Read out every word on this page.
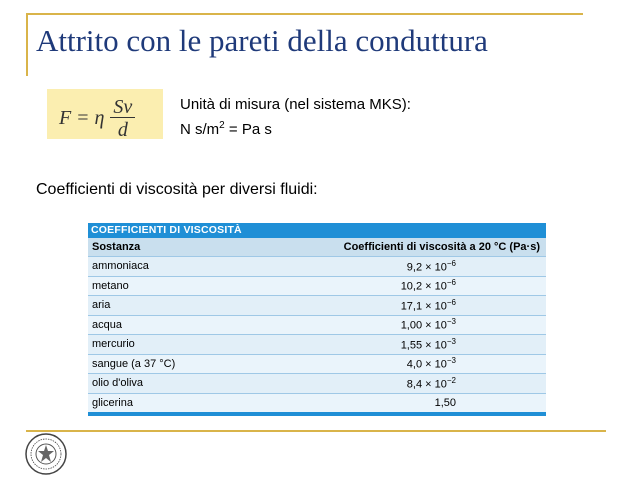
Attrito con le pareti della conduttura
F = η $\frac{Sv}{d}$	Unità di misura (nel sistema MKS):
N $s/m^2 = Pa$ s
Coefficienti di viscosità per diversi fluidi:
COEFFICIENTI DI VISCOSITÀ
Sostanza	Coefficienti di viscosità a 20 °C (Pa·s)
ammoniaca	$9,2 \times 10^{-6}$
metano	$10,2 \times 10^{-6}$
aria	$17,1 \times 10^{-6}$
acqua	$1,00 \times 10^{-3}$
mercurio	$1,55 \times 10^{-3}$
sangue (a 37 °C)	$4,0 \times 10^{-3}$
olio d'oliva	$8,4 \times 10^{-2}$
glicerina	1,50
